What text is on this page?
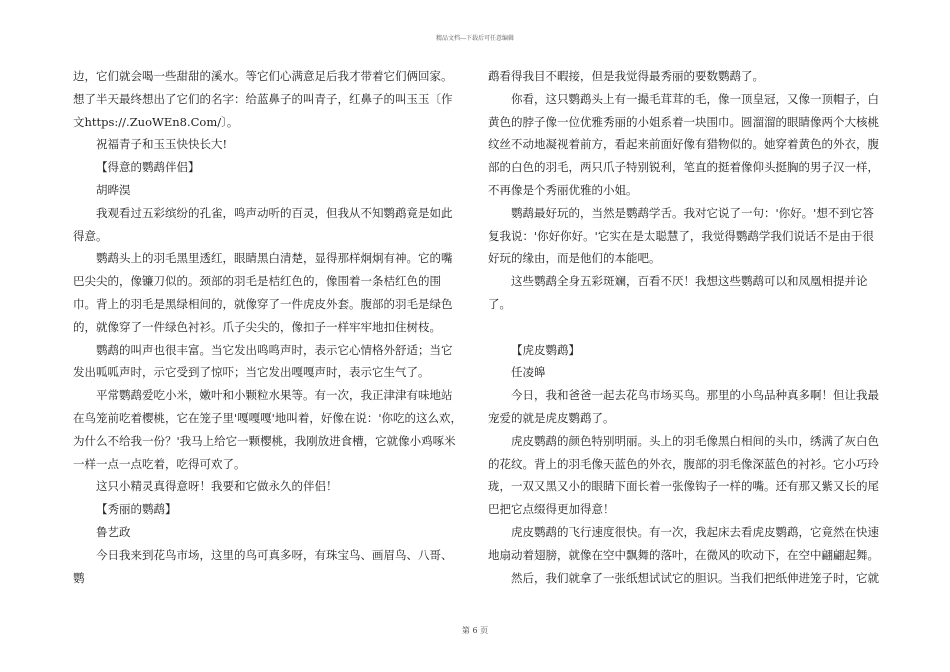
精品文档---下载后可任意编辑

边，它们就会喝一些甜甜的溪水。等它们心满意足后我才带着它们俩回家。想了半天最终想出了它们的名字：给蓝鼻子的叫青子，红鼻子的叫玉玉〔作文https://.ZuoWEn8.Com/〕。

祝福青子和玉玉快快长大!

【得意的鹦鹉伴侣】

胡晔淏

我观看过五彩缤纷的孔雀，鸣声动听的百灵，但我从不知鹦鹉竟是如此得意。

鹦鹉头上的羽毛黑里透红，眼睛黑白清楚，显得那样炯炯有神。它的嘴巴尖尖的，像镰刀似的。颈部的羽毛是桔红色的，像围着一条桔红色的围巾。背上的羽毛是黑绿相间的，就像穿了一件虎皮外套。腹部的羽毛是绿色的，就像穿了一件绿色衬衫。爪子尖尖的，像扣子一样牢牢地扣住树枝。

鹦鹉的叫声也很丰富。当它发出鸣鸣声时，表示它心情格外舒适；当它发出呱呱声时，示它受到了惊吓；当它发出嘎嘎声时，表示它生气了。

平常鹦鹉爱吃小米，嫩叶和小颗粒水果等。有一次，我正津津有味地站在鸟笼前吃着樱桃，它在笼子里'嘎嘎嘎'地叫着，好像在说：'你吃的这么欢，为什么不给我一份？'我马上给它一颗樱桃，我刚放进食槽，它就像小鸡啄米一样一点一点吃着，吃得可欢了。

这只小精灵真得意呀！我要和它做永久的伴侣！

【秀丽的鹦鹉】

鲁艺政

今日我来到花鸟市场，这里的鸟可真多呀，有珠宝鸟、画眉鸟、八哥、鹦

鹉看得我目不暇接，但是我觉得最秀丽的要数鹦鹉了。

你看，这只鹦鹉头上有一撮毛茸茸的毛，像一顶皇冠，又像一顶帽子，白黄色的脖子像一位优雅秀丽的小姐系着一块围巾。圆溜溜的眼睛像两个大核桃纹丝不动地凝视着前方，看起来前面好像有猎物似的。她穿着黄色的外衣，腹部的白色的羽毛，两只爪子特别锐利，笔直的挺着像仰头挺胸的男子汉一样，不再像是个秀丽优雅的小姐。

鹦鹉最好玩的，当然是鹦鹉学舌。我对它说了一句：'你好。'想不到它答复我说：'你好你好。'它实在是太聪慧了，我觉得鹦鹉学我们说话不是由于很好玩的缘由，而是他们的本能吧。

这些鹦鹉全身五彩斑斓，百看不厌！我想这些鹦鹉可以和凤凰相提并论了。

【虎皮鹦鹉】

任凌皞

今日，我和爸爸一起去花鸟市场买鸟。那里的小鸟品种真多啊！但让我最宠爱的就是虎皮鹦鹉了。

虎皮鹦鹉的颜色特别明丽。头上的羽毛像黑白相间的头巾，绣满了灰白色的花纹。背上的羽毛像天蓝色的外衣，腹部的羽毛像深蓝色的衬衫。它小巧玲珑，一双又黑又小的眼睛下面长着一张像钩子一样的嘴。还有那又紫又长的尾巴把它点缀得更加得意！

虎皮鹦鹉的飞行速度很快。有一次，我起床去看虎皮鹦鹉，它竟然在快速地扇动着翅膀，就像在空中飘舞的落叶，在微风的吹动下，在空中翩翩起舞。

然后，我们就拿了一张纸想试试它的胆识。当我们把纸伸进笼子时，它就

第 6 页
